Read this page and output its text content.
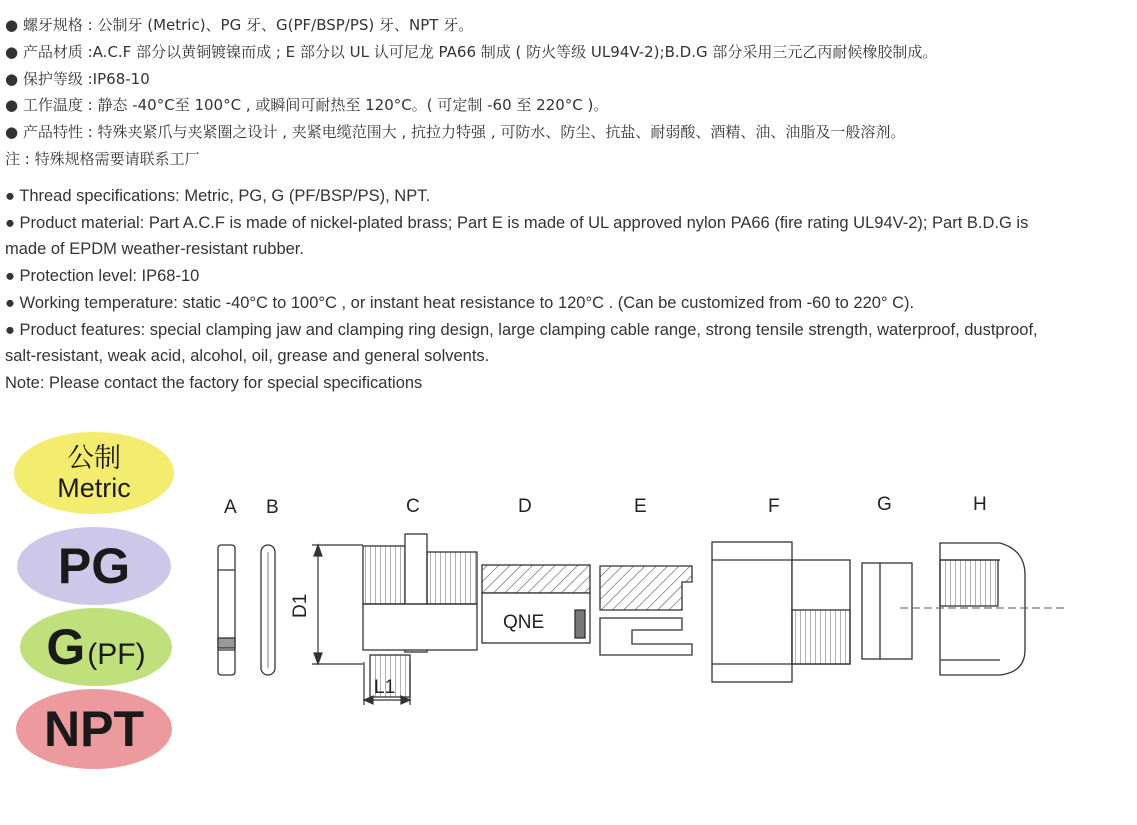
● 螺牙规格 : 公制牙 (Metric)、PG 牙、G(PF/BSP/PS) 牙、NPT 牙。
● 产品材质 :A.C.F 部分以黄铜镀镍而成 ; E 部分以 UL 认可尼龙 PA66 制成 ( 防火等级 UL94V-2);B.D.G 部分采用三元乙丙耐候橡胶制成。
● 保护等级 :IP68-10
● 工作温度 : 静态 -40°C至 100°C , 或瞬间可耐热至 120°C。( 可定制 -60 至 220°C )。
● 产品特性 : 特殊夹紧爪与夹紧圈之设计 , 夹紧电缆范围大 , 抗拉力特强 , 可防水、防尘、抗盐、耐弱酸、酒精、油、油脂及一般溶剂。
注 : 特殊规格需要请联系工厂
● Thread specifications: Metric, PG, G (PF/BSP/PS), NPT.
● Product material: Part A.C.F is made of nickel-plated brass; Part E is made of UL approved nylon PA66 (fire rating UL94V-2); Part B.D.G is
made of EPDM weather-resistant rubber.
● Protection level: IP68-10
● Working temperature: static -40°C to 100°C , or instant heat resistance to 120°C . (Can be customized from -60 to 220° C).
● Product features: special clamping jaw and clamping ring design, large clamping cable range, strong tensile strength, waterproof, dustproof,
salt-resistant, weak acid, alcohol, oil, grease and general solvents.
Note: Please contact the factory for special specifications
公制
Metric
PG
G (PF)
NPT
A B	C	D	E	F	G	H
D1
L1
QNE
